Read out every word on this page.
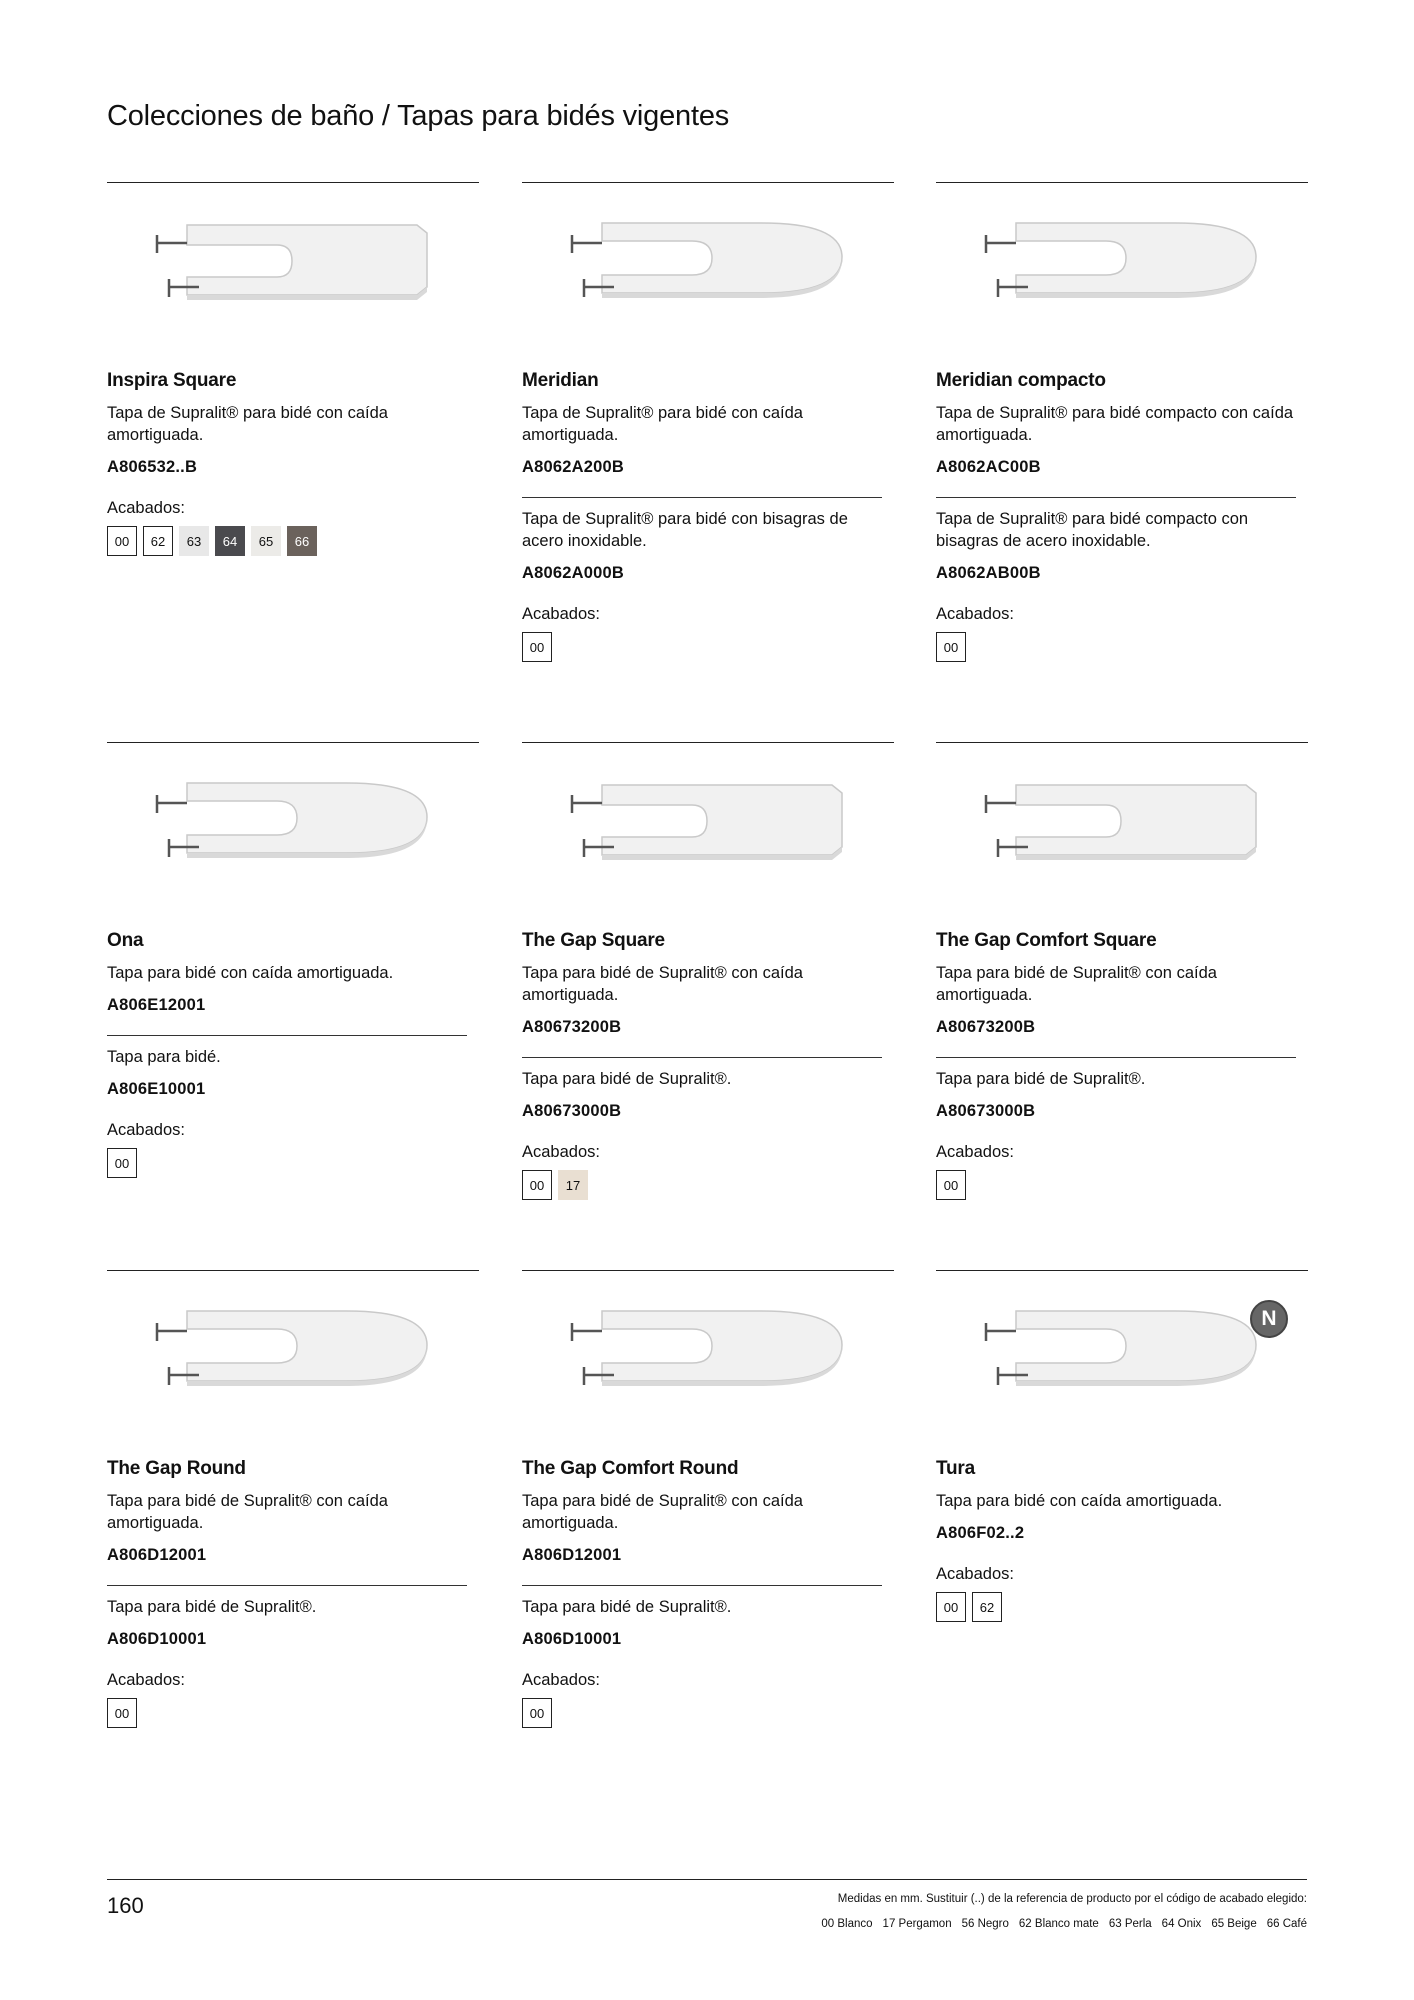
Colecciones de baño / Tapas para bidés vigentes
Inspira Square
Tapa de Supralit® para bidé con caída amortiguada.
A806532..B
Acabados:
00	62	63	64	65	66
Meridian
Tapa de Supralit® para bidé con caída amortiguada.
A8062A200B
Tapa de Supralit® para bidé con bisagras de acero inoxidable.
A8062A000B
Acabados:
00
Meridian compacto
Tapa de Supralit® para bidé compacto con caída amortiguada.
A8062AC00B
Tapa de Supralit® para bidé compacto con bisagras de acero inoxidable.
A8062AB00B
Acabados:
00
Ona
Tapa para bidé con caída amortiguada.
A806E12001
Tapa para bidé.
A806E10001
Acabados:
00
The Gap Square
Tapa para bidé de Supralit® con caída amortiguada.
A80673200B
Tapa para bidé de Supralit®.
A80673000B
Acabados:
00	17
The Gap Comfort Square
Tapa para bidé de Supralit® con caída amortiguada.
A80673200B
Tapa para bidé de Supralit®.
A80673000B
Acabados:
00
The Gap Round
Tapa para bidé de Supralit® con caída amortiguada.
A806D12001
Tapa para bidé de Supralit®.
A806D10001
Acabados:
00
The Gap Comfort Round
Tapa para bidé de Supralit® con caída amortiguada.
A806D12001
Tapa para bidé de Supralit®.
A806D10001
Acabados:
00
Tura
Tapa para bidé con caída amortiguada.
A806F02..2
Acabados:
00	62
N
160	Medidas en mm. Sustituir (..) de la referencia de producto por el código de acabado elegido:
00 Blanco 17 Pergamon 56 Negro 62 Blanco mate 63 Perla 64 Onix 65 Beige 66 Café
